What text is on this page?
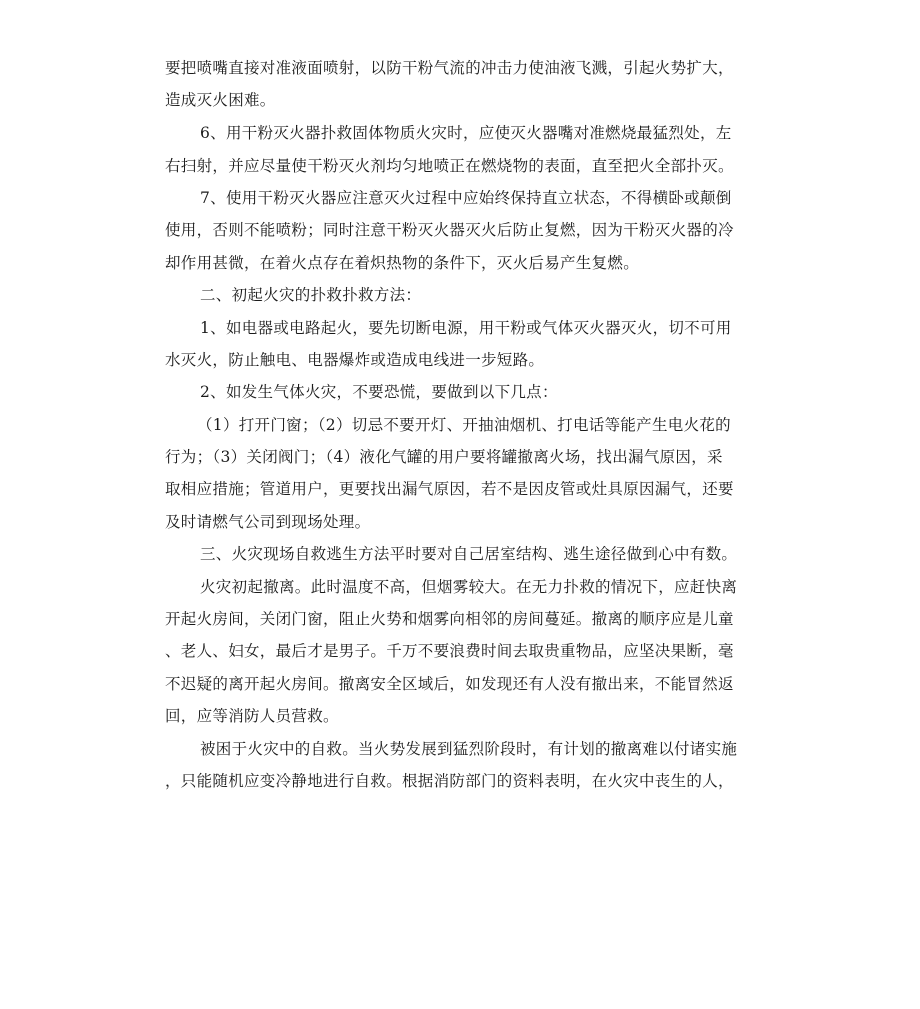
要把喷嘴直接对准液面喷射，以防干粉气流的冲击力使油液飞溅，引起火势扩大，
造成灭火困难。
6、用干粉灭火器扑救固体物质火灾时，应使灭火器嘴对准燃烧最猛烈处，左
右扫射，并应尽量使干粉灭火剂均匀地喷正在燃烧物的表面，直至把火全部扑灭。
7、使用干粉灭火器应注意灭火过程中应始终保持直立状态，不得横卧或颠倒
使用，否则不能喷粉；同时注意干粉灭火器灭火后防止复燃，因为干粉灭火器的冷
却作用甚微，在着火点存在着炽热物的条件下，灭火后易产生复燃。
二、初起火灾的扑救扑救方法：
1、如电器或电路起火，要先切断电源，用干粉或气体灭火器灭火，切不可用
水灭火，防止触电、电器爆炸或造成电线进一步短路。
2、如发生气体火灾，不要恐慌，要做到以下几点：
（1）打开门窗；（2）切忌不要开灯、开抽油烟机、打电话等能产生电火花的
行为；（3）关闭阀门；（4）液化气罐的用户要将罐撤离火场，找出漏气原因，采
取相应措施；管道用户，更要找出漏气原因，若不是因皮管或灶具原因漏气，还要
及时请燃气公司到现场处理。
三、火灾现场自救逃生方法平时要对自己居室结构、逃生途径做到心中有数。
火灾初起撤离。此时温度不高，但烟雾较大。在无力扑救的情况下，应赶快离
开起火房间，关闭门窗，阻止火势和烟雾向相邻的房间蔓延。撤离的顺序应是儿童
、老人、妇女，最后才是男子。千万不要浪费时间去取贵重物品，应坚决果断，毫
不迟疑的离开起火房间。撤离安全区域后，如发现还有人没有撤出来，不能冒然返
回，应等消防人员营救。
被困于火灾中的自救。当火势发展到猛烈阶段时，有计划的撤离难以付诸实施
，只能随机应变冷静地进行自救。根据消防部门的资料表明，在火灾中丧生的人，
